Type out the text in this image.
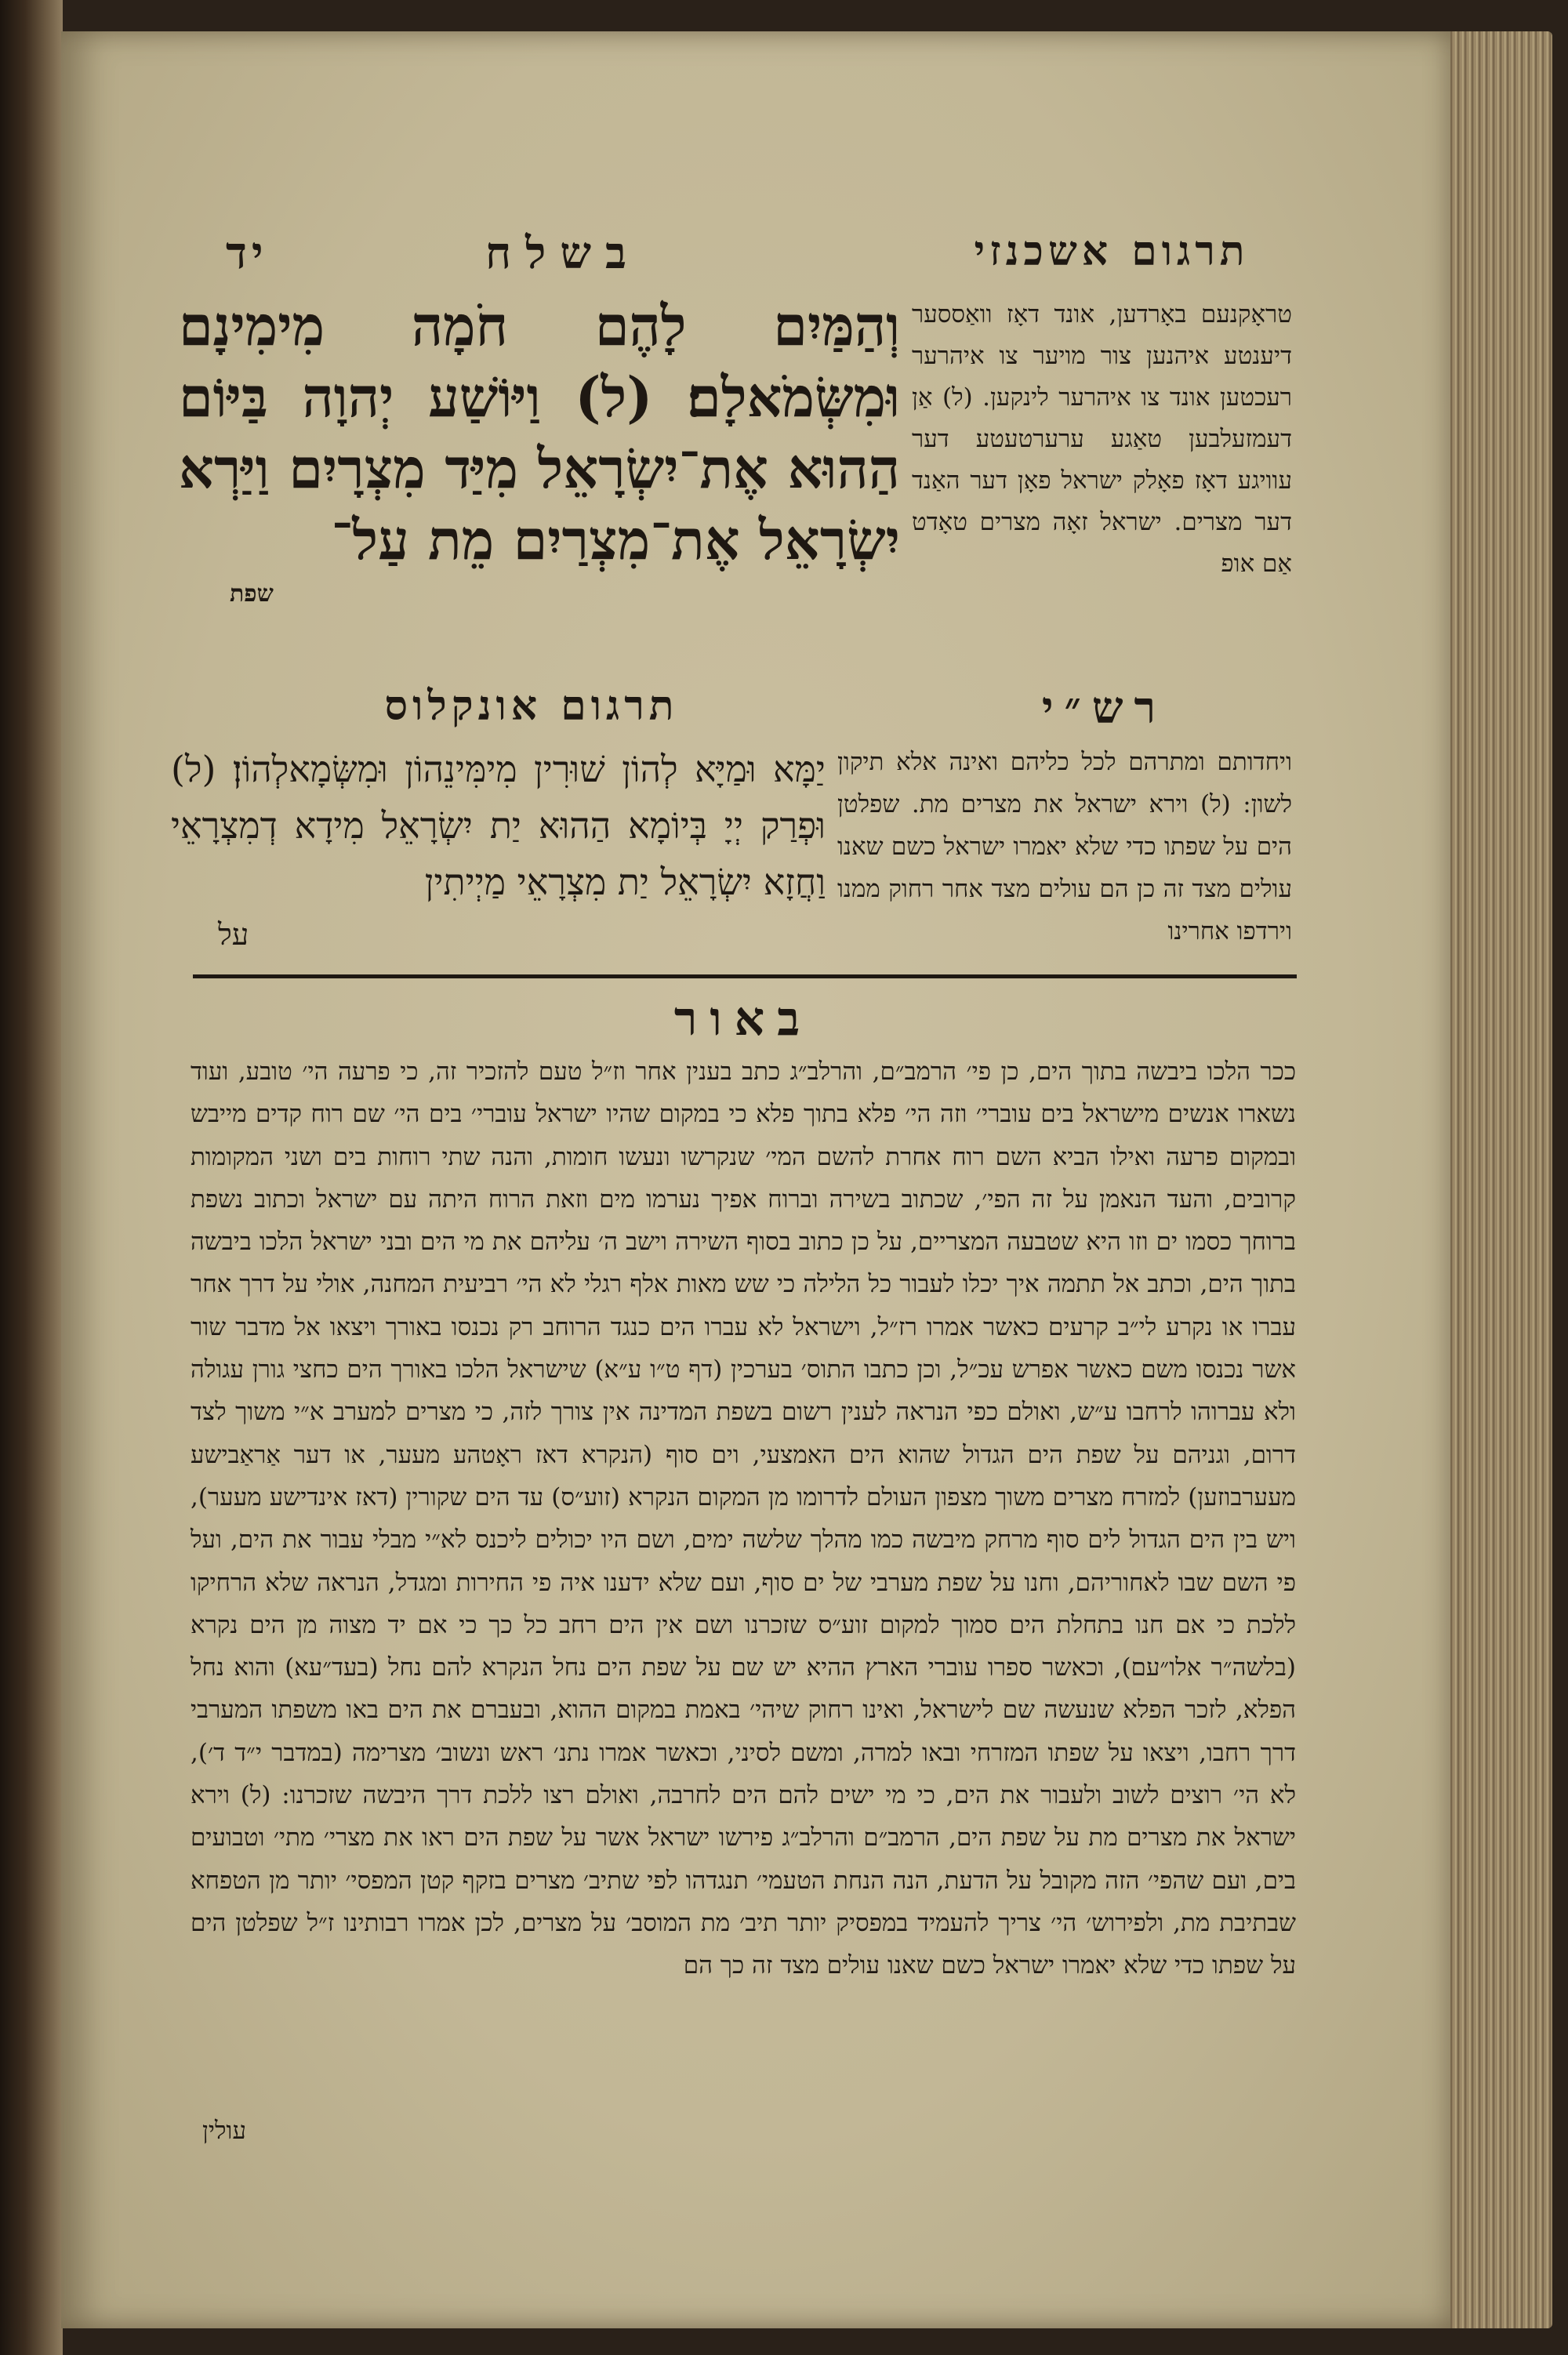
תרגום אשכנזי
בשלח
יד
טראָקנעם באָרדען, אונד דאָז וואַססער דיענטע איהנען צור מויער צו איהרער רעכטען אונד צו איהרער לינקען. (ל) אַן דעמזעלבען טאַגע ערערטעטע דער עוויגע דאָז פאָלק ישראל פאָן דער האַנד דער מצרים. ישראל זאָה מצרים טאָדט אַם אופ
וְהַמַּיִם לָהֶם חֹמָה מִימִינָם וּמִשְּׂמֹאלָם׃ (ל) וַיּוֹשַׁע יְהוָה בַּיּוֹם הַהוּא אֶת־יִשְׂרָאֵל מִיַּד מִצְרָיִם וַיַּרְא יִשְׂרָאֵל אֶת־מִצְרַיִם מֵת עַל־
שפת
רש״י
ויחדותם ומתרהם לכל כליהם ואינה אלא תיקון לשון: (ל) וירא ישראל את מצרים מת. שפלטן הים על שפתו כדי שלא יאמרו ישראל כשם שאנו עולים מצד זה כן הם עולים מצד אחר רחוק ממנו וירדפו אחרינו
תרגום אונקלוס
יַמָּא וּמַיָּא לְהוֹן שׁוּרִין מִימִּינֵהוֹן וּמִשְּׂמָאלְהוֹן׃ (ל) וּפְרַק יְיָ בְּיוֹמָא הַהוּא יַת יִשְׂרָאֵל מִידָא דְמִצְרָאֵי וַחֲזָא יִשְׂרָאֵל יַת מִצְרָאֵי מַיְיתִין
על
באור
ככר הלכו ביבשה בתוך הים, כן פי׳ הרמב״ם, והרלב״ג כתב בענין אחר וז״ל טעם להזכיר זה, כי פרעה הי׳ טובע, ועוד נשארו אנשים מישראל בים עוברי׳ וזה הי׳ פלא בתוך פלא כי במקום שהיו ישראל עוברי׳ בים הי׳ שם רוח קדים מייבש ובמקום פרעה ואילו הביא השם רוח אחרת להשם המי׳ שנקרשו ונעשו חומות, והנה שתי רוחות בים ושני המקומות קרובים, והעד הנאמן על זה הפי׳, שכתוב בשירה וברוח אפיך נערמו מים וזאת הרוח היתה עם ישראל וכתוב נשפת ברוחך כסמו ים וזו היא שטבעה המצריים, על כן כתוב בסוף השירה וישב ה׳ עליהם את מי הים ובני ישראל הלכו ביבשה בתוך הים, וכתב אל תתמה איך יכלו לעבור כל הלילה כי שש מאות אלף רגלי לא הי׳ רביעית המחנה, אולי על דרך אחר עברו או נקרע לי״ב קרעים כאשר אמרו רז״ל, וישראל לא עברו הים כנגד הרוחב רק נכנסו באורך ויצאו אל מדבר שור אשר נכנסו משם כאשר אפרש עכ״ל, וכן כתבו התוס׳ בערכין (דף ט״ו ע״א) שישראל הלכו באורך הים כחצי גורן עגולה ולא עברוהו לרחבו ע״ש, ואולם כפי הנראה לענין רשום בשפת המדינה אין צורך לזה, כי מצרים למערב א״י משוך לצד דרום, וגניהם על שפת הים הגדול שהוא הים האמצעי, וים סוף (הנקרא דאז ראָטהע מעער, או דער אַראַבישע מעערבוזען) למזרח מצרים משוך מצפון העולם לדרומו מן המקום הנקרא (זוע״ס) עד הים שקורין (דאז אינדישע מעער), ויש בין הים הגדול לים סוף מרחק מיבשה כמו מהלך שלשה ימים, ושם היו יכולים ליכנס לא״י מבלי עבור את הים, ועל פי השם שבו לאחוריהם, וחנו על שפת מערבי של ים סוף, ועם שלא ידענו איה פי החירות ומגדל, הנראה שלא הרחיקו ללכת כי אם חנו בתחלת הים סמוך למקום זוע״ס שזכרנו ושם אין הים רחב כל כך כי אם יד מצוה מן הים נקרא (בלשה״ר אלו״עם), וכאשר ספרו עוברי הארץ ההיא יש שם על שפת הים נחל הנקרא להם נחל (בעד״עא) והוא נחל הפלא, לזכר הפלא שנעשה שם לישראל, ואינו רחוק שיהי׳ באמת במקום ההוא, ובעברם את הים באו משפתו המערבי דרך רחבו, ויצאו על שפתו המזרחי ובאו למרה, ומשם לסיני, וכאשר אמרו נתנ׳ ראש ונשוב׳ מצרימה (במדבר י״ד ד׳), לא הי׳ רוצים לשוב ולעבור את הים, כי מי ישים להם הים לחרבה, ואולם רצו ללכת דרך היבשה שזכרנו: (ל) וירא ישראל את מצרים מת על שפת הים, הרמב״ם והרלב״ג פירשו ישראל אשר על שפת הים ראו את מצרי׳ מתי׳ וטבועים בים, ועם שהפי׳ הזה מקובל על הדעת, הנה הנחת הטעמי׳ תנגדהו לפי שתיב׳ מצרים בזקף קטן המפסי׳ יותר מן הטפחא שבתיבת מת, ולפירוש׳ הי׳ צריך להעמיד במפסיק יותר תיב׳ מת המוסב׳ על מצרים, לכן אמרו רבותינו ז״ל שפלטן הים על שפתו כדי שלא יאמרו ישראל כשם שאנו עולים מצד זה כך הם
עולין
